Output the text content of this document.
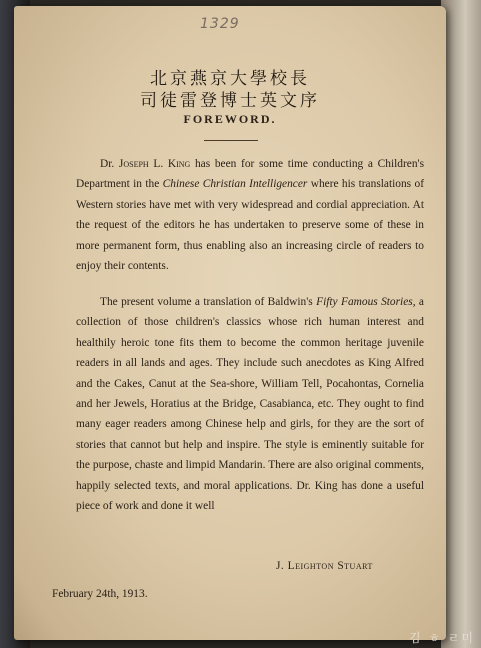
1329
北京燕京大學校長
司徒雷登博士英文序
FOREWORD.
Dr. Joseph L. King has been for some time conducting a Children's Department in the Chinese Christian Intelligencer where his translations of Western stories have met with very widespread and cordial appreciation. At the request of the editors he has undertaken to preserve some of these in more permanent form, thus enabling also an increasing circle of readers to enjoy their contents.
The present volume a translation of Baldwin's Fifty Famous Stories, a collection of those children's classics whose rich human interest and healthily heroic tone fits them to become the common heritage juvenile readers in all lands and ages. They include such anecdotes as King Alfred and the Cakes, Canut at the Sea-shore, William Tell, Pocahontas, Cornelia and her Jewels, Horatius at the Bridge, Casabianca, etc. They ought to find many eager readers among Chinese help and girls, for they are the sort of stories that cannot but help and inspire. The style is eminently suitable for the purpose, chaste and limpid Mandarin. There are also original comments, happily selected texts, and moral applications. Dr. King has done a useful piece of work and done it well
J. Leighton Stuart
February 24th, 1913.
김 ㅎ ㄹ미
